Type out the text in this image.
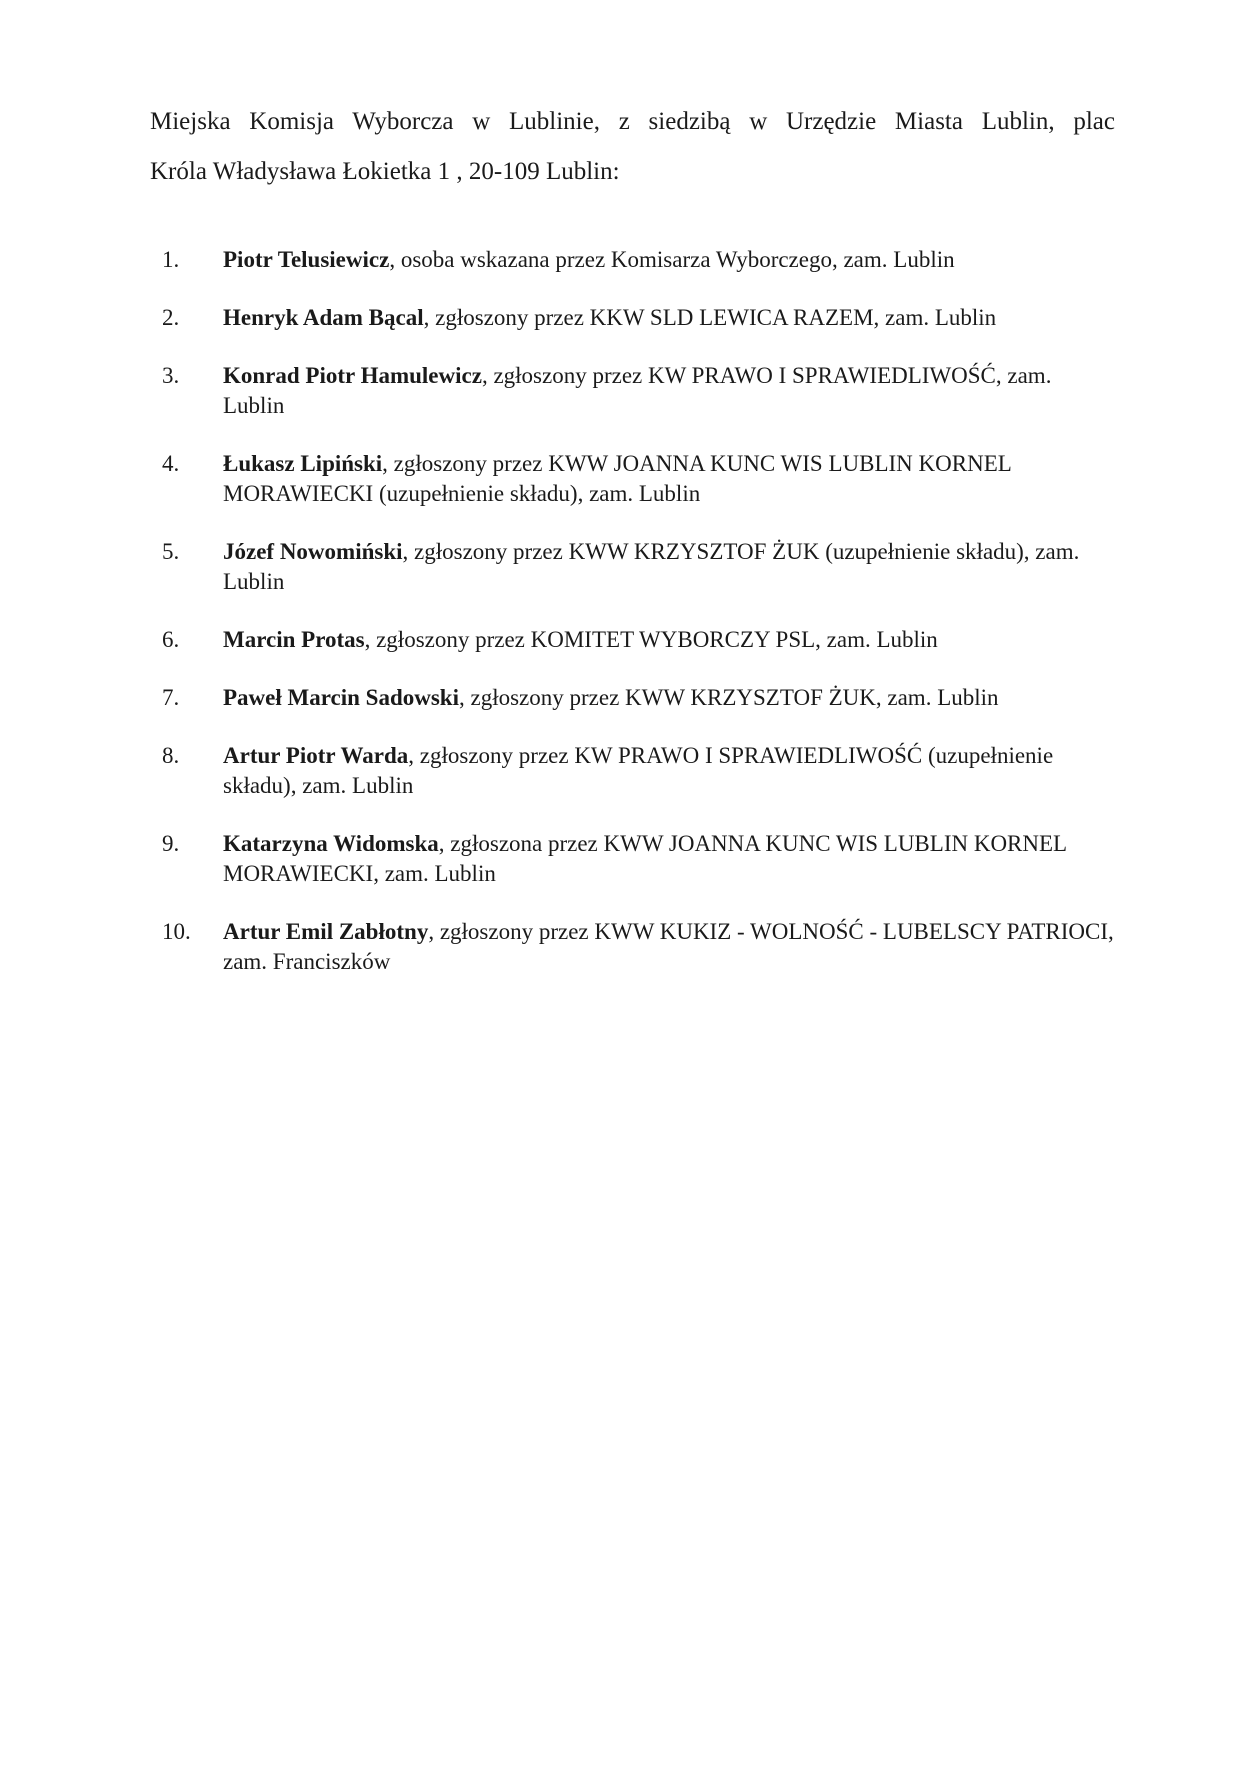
Miejska Komisja Wyborcza w Lublinie, z siedzibą w Urzędzie Miasta Lublin, plac
Króla Władysława Łokietka 1 , 20-109 Lublin:

1. Piotr Telusiewicz, osoba wskazana przez Komisarza Wyborczego, zam. Lublin
2. Henryk Adam Bącal, zgłoszony przez KKW SLD LEWICA RAZEM, zam. Lublin
3. Konrad Piotr Hamulewicz, zgłoszony przez KW PRAWO I SPRAWIEDLIWOŚĆ, zam. Lublin
4. Łukasz Lipiński, zgłoszony przez KWW JOANNA KUNC WIS LUBLIN KORNEL MORAWIECKI (uzupełnienie składu), zam. Lublin
5. Józef Nowomiński, zgłoszony przez KWW KRZYSZTOF ŻUK (uzupełnienie składu), zam. Lublin
6. Marcin Protas, zgłoszony przez KOMITET WYBORCZY PSL, zam. Lublin
7. Paweł Marcin Sadowski, zgłoszony przez KWW KRZYSZTOF ŻUK, zam. Lublin
8. Artur Piotr Warda, zgłoszony przez KW PRAWO I SPRAWIEDLIWOŚĆ (uzupełnienie składu), zam. Lublin
9. Katarzyna Widomska, zgłoszona przez KWW JOANNA KUNC WIS LUBLIN KORNEL MORAWIECKI, zam. Lublin
10. Artur Emil Zabłotny, zgłoszony przez KWW KUKIZ - WOLNOŚĆ - LUBELSCY PATRIOCI, zam. Franciszków
